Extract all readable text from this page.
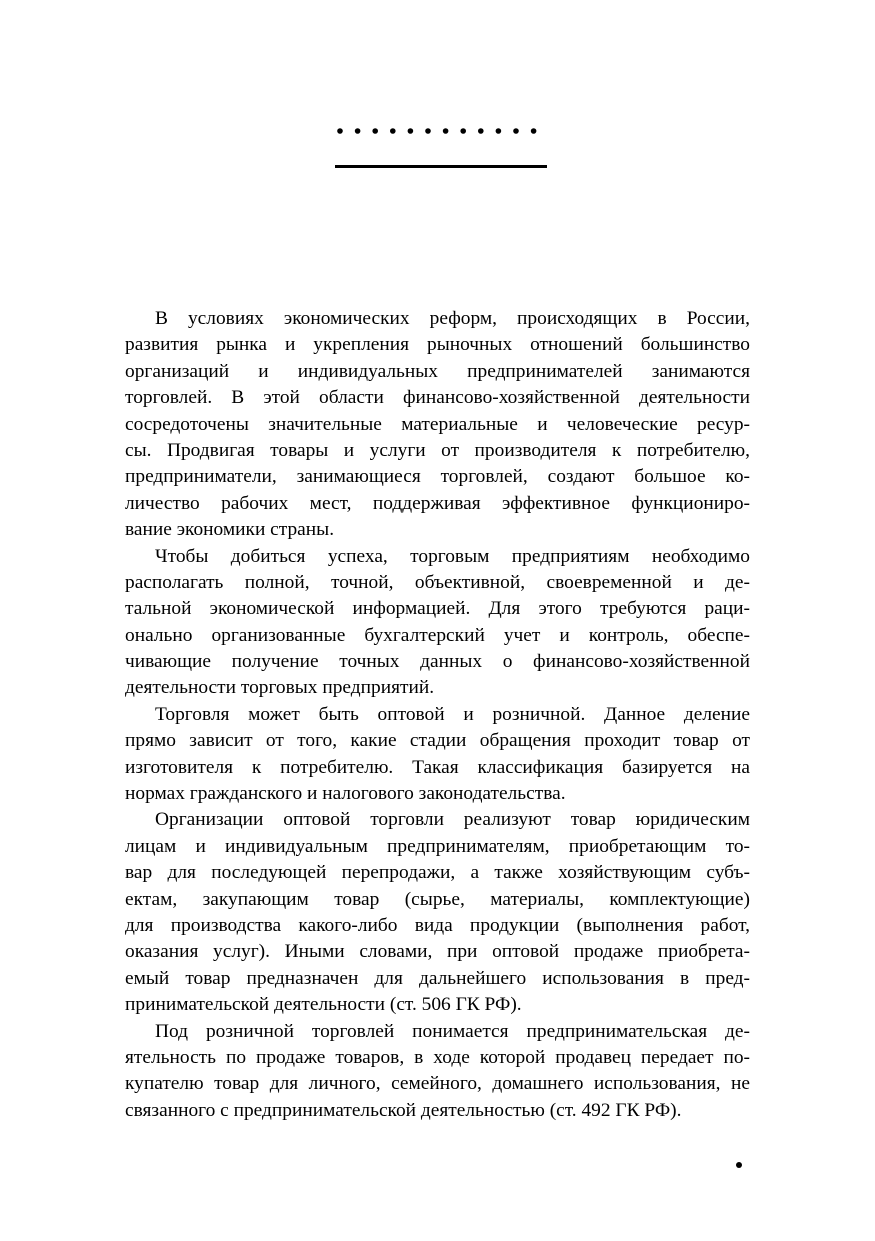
В условиях экономических реформ, происходящих в России,
развития рынка и укрепления рыночных отношений большинство
организаций и индивидуальных предпринимателей занимаются
торговлей. В этой области финансово-хозяйственной деятельности
сосредоточены значительные материальные и человеческие ресур-
сы. Продвигая товары и услуги от производителя к потребителю,
предприниматели, занимающиеся торговлей, создают большое ко-
личество рабочих мест, поддерживая эффективное функциониро-
вание экономики страны.
Чтобы добиться успеха, торговым предприятиям необходимо
располагать полной, точной, объективной, своевременной и де-
тальной экономической информацией. Для этого требуются раци-
онально организованные бухгалтерский учет и контроль, обеспе-
чивающие получение точных данных о финансово-хозяйственной
деятельности торговых предприятий.
Торговля может быть оптовой и розничной. Данное деление
прямо зависит от того, какие стадии обращения проходит товар от
изготовителя к потребителю. Такая классификация базируется на
нормах гражданского и налогового законодательства.
Организации оптовой торговли реализуют товар юридическим
лицам и индивидуальным предпринимателям, приобретающим то-
вар для последующей перепродажи, а также хозяйствующим субъ-
ектам, закупающим товар (сырье, материалы, комплектующие)
для производства какого-либо вида продукции (выполнения работ,
оказания услуг). Иными словами, при оптовой продаже приобрета-
емый товар предназначен для дальнейшего использования в пред-
принимательской деятельности (ст. 506 ГК РФ).
Под розничной торговлей понимается предпринимательская де-
ятельность по продаже товаров, в ходе которой продавец передает по-
купателю товар для личного, семейного, домашнего использования, не
связанного с предпринимательской деятельностью (ст. 492 ГК РФ).
